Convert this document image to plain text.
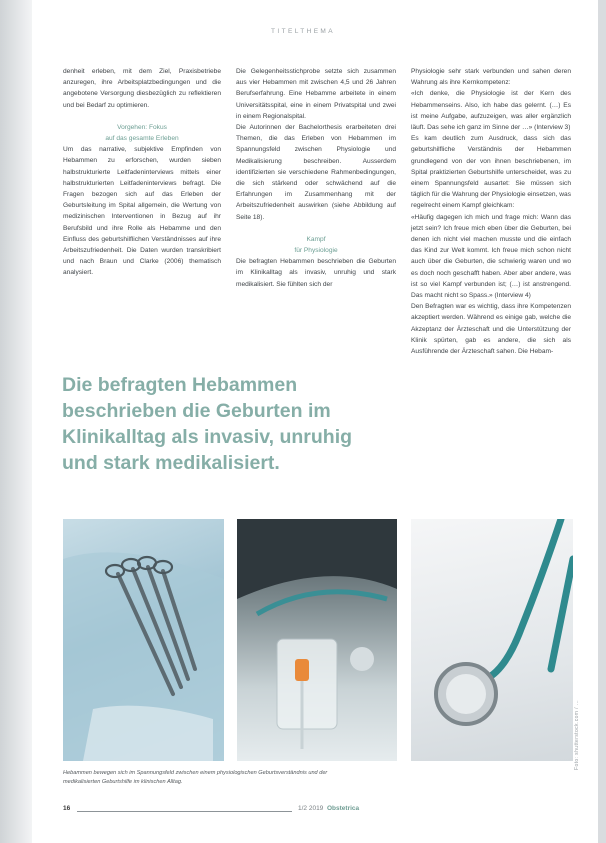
TITELTHEMA

denheit erleben, mit dem Ziel, Praxisbetriebe anzuregen, ihre Arbeitsplatzbedingungen und die angebotene Versorgung diesbezüglich zu reflektieren und bei Bedarf zu optimieren.

Vorgehen: Fokus

auf das gesamte Erleben

Um das narrative, subjektive Empfinden von Hebammen zu erforschen, wurden sieben halbstrukturierte Leitfadeninterviews mittels einer halbstrukturierten Leitfadeninterviews befragt. Die Fragen bezogen sich auf das Erleben der Geburtsleitung im Spital allgemein, die Wertung von medizinischen Interventionen in Bezug auf ihr Berufsbild und ihre Rolle als Hebamme und den Einfluss des geburtshilflichen Verständnisses auf ihre Arbeitszufriedenheit. Die Daten wurden transkribiert und nach Braun und Clarke (2006) thematisch analysiert.

Die Gelegenheitsstichprobe setzte sich zusammen aus vier Hebammen mit zwischen 4,5 und 26 Jahren Berufserfahrung. Eine Hebamme arbeitete in einem Universitätsspital, eine in einem Privatspital und zwei in einem Regionalspital.

Die Autorinnen der Bachelorthesis erarbeiteten drei Themen, die das Erleben von Hebammen im Spannungsfeld zwischen Physiologie und Medikalisierung beschreiben. Ausserdem identifizierten sie verschiedene Rahmenbedingungen, die sich stärkend oder schwächend auf die Erfahrungen im Zusammenhang mit der Arbeitszufriedenheit auswirken (siehe Abbildung auf Seite 18).

Kampf

für Physiologie

Die befragten Hebammen beschrieben die Geburten im Klinikalltag als invasiv, unruhig und stark medikalisiert. Sie fühlten sich der

Physiologie sehr stark verbunden und sahen deren Wahrung als ihre Kernkompetenz:

«Ich denke, die Physiologie ist der Kern des Hebammenseins. Also, ich habe das gelernt. (…) Es ist meine Aufgabe, aufzuzeigen, was aller ergänzlich läuft. Das sehe ich ganz im Sinne der …» (Interview 3)

Es kam deutlich zum Ausdruck, dass sich das geburtshilfliche Verständnis der Hebammen grundlegend von der von ihnen beschriebenen, im Spital praktizierten Geburtshilfe unterscheidet, was zu einem Spannungsfeld ausartet: Sie müssen sich täglich für die Wahrung der Physiologie einsetzen, was regelrecht einem Kampf gleichkam:

«Häufig dagegen ich mich und frage mich: Wann das jetzt sein? Ich freue mich eben über die Geburten, bei denen ich nicht viel machen musste und die einfach das Kind zur Welt kommt. Ich freue mich schon nicht auch über die Geburten, die schwierig waren und wo es doch noch geschafft haben. Aber aber andere, was ist so viel Kampf verbunden ist; (…) ist anstrengend. Das macht nicht so Spass.» (Interview 4)

Den Befragten war es wichtig, dass ihre Kompetenzen akzeptiert werden. Während es einige gab, welche die Akzeptanz der Ärzteschaft und die Unterstützung der Klinik spürten, gab es andere, die sich als Ausführende der Ärzteschaft sahen. Die Hebam-

Die befragten Hebammen
beschrieben die Geburten im
Klinikalltag als invasiv, unruhig
und stark medikalisiert.
Foto: shutterstock.com / …

Hebammen bewegen sich im Spannungsfeld zwischen einem physiologischen Geburtsverständnis und der medikalisierten Geburtshilfe im klinischen Alltag.

16	1/2 2019 Obstetrica
